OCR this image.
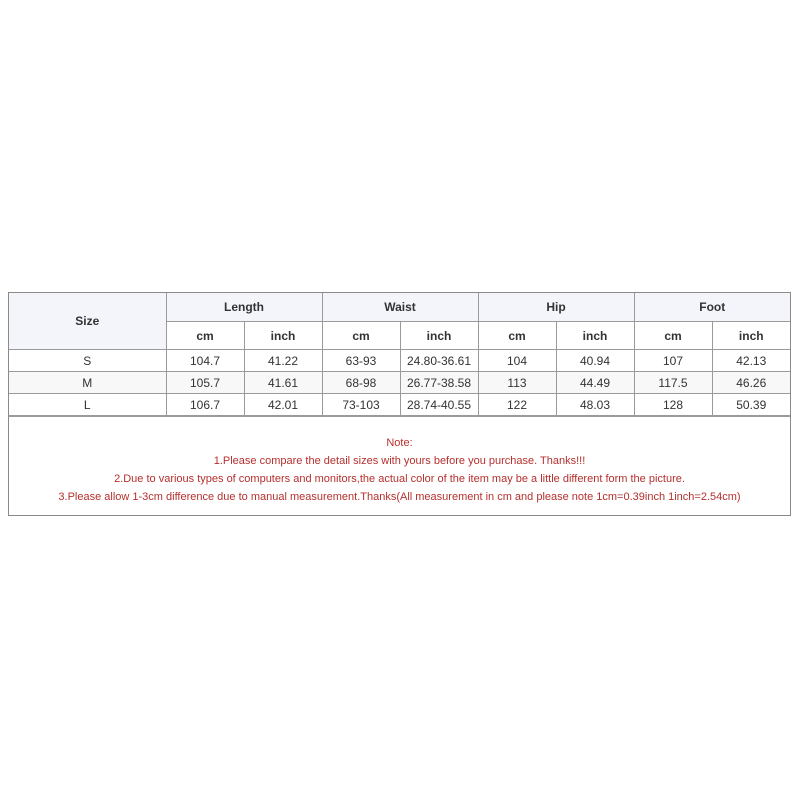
Size	Length		Waist		Hip		Foot	
	cm	inch	cm	inch	cm	inch	cm	inch
S	104.7	41.22	63-93	24.80-36.61	104	40.94	107	42.13
M	105.7	41.61	68-98	26.77-38.58	113	44.49	117.5	46.26
L	106.7	42.01	73-103	28.74-40.55	122	48.03	128	50.39
Note:
1.Please compare the detail sizes with yours before you purchase. Thanks!!!
2.Due to various types of computers and monitors,the actual color of the item may be a little different form the picture.
3.Please allow 1-3cm difference due to manual measurement.Thanks(All measurement in cm and please note 1cm=0.39inch 1inch=2.54cm)
